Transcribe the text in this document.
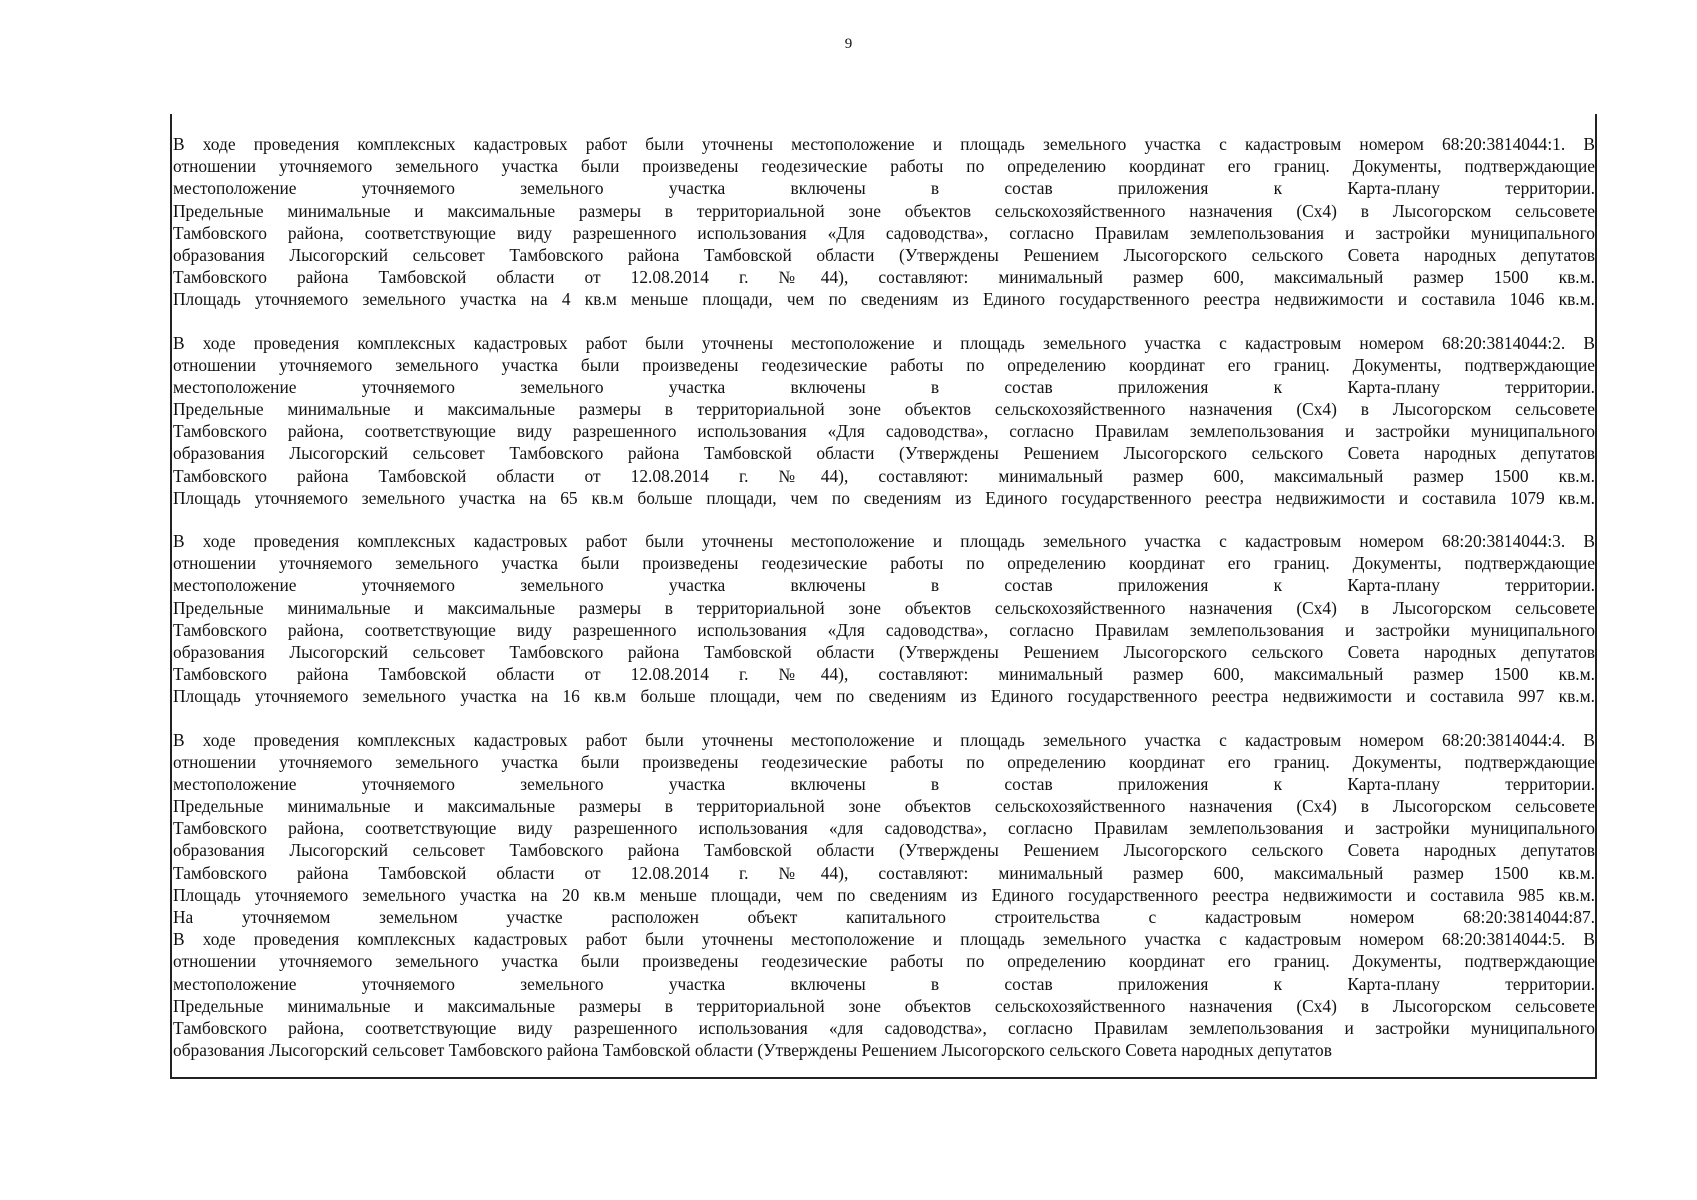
9
В ходе проведения комплексных кадастровых работ были уточнены местоположение и площадь земельного участка с кадастровым номером 68:20:3814044:1. В
отношении уточняемого земельного участка были произведены геодезические работы по определению координат его границ. Документы, подтверждающие
местоположение уточняемого земельного участка включены в состав приложения к Карта-плану территории.
Предельные минимальные и максимальные размеры в территориальной зоне объектов сельскохозяйственного назначения (Сх4) в Лысогорском сельсовете
Тамбовского района, соответствующие виду разрешенного использования «Для садоводства», согласно Правилам землепользования и застройки муниципального
образования Лысогорский сельсовет Тамбовского района Тамбовской области (Утверждены Решением Лысогорского сельского Совета народных депутатов
Тамбовского района Тамбовской области от 12.08.2014 г. №44), составляют: минимальный размер 600, максимальный размер 1500 кв.м.
Площадь уточняемого земельного участка на 4 кв.м меньше площади, чем по сведениям из Единого государственного реестра недвижимости и составила 1046 кв.м.
В ходе проведения комплексных кадастровых работ были уточнены местоположение и площадь земельного участка с кадастровым номером 68:20:3814044:2. В
отношении уточняемого земельного участка были произведены геодезические работы по определению координат его границ. Документы, подтверждающие
местоположение уточняемого земельного участка включены в состав приложения к Карта-плану территории.
Предельные минимальные и максимальные размеры в территориальной зоне объектов сельскохозяйственного назначения (Сх4) в Лысогорском сельсовете
Тамбовского района, соответствующие виду разрешенного использования «Для садоводства», согласно Правилам землепользования и застройки муниципального
образования Лысогорский сельсовет Тамбовского района Тамбовской области (Утверждены Решением Лысогорского сельского Совета народных депутатов
Тамбовского района Тамбовской области от 12.08.2014 г. №44), составляют: минимальный размер 600, максимальный размер 1500 кв.м.
Площадь уточняемого земельного участка на 65 кв.м больше площади, чем по сведениям из Единого государственного реестра недвижимости и составила 1079 кв.м.
В ходе проведения комплексных кадастровых работ были уточнены местоположение и площадь земельного участка с кадастровым номером 68:20:3814044:3. В
отношении уточняемого земельного участка были произведены геодезические работы по определению координат его границ. Документы, подтверждающие
местоположение уточняемого земельного участка включены в состав приложения к Карта-плану территории.
Предельные минимальные и максимальные размеры в территориальной зоне объектов сельскохозяйственного назначения (Сх4) в Лысогорском сельсовете
Тамбовского района, соответствующие виду разрешенного использования «Для садоводства», согласно Правилам землепользования и застройки муниципального
образования Лысогорский сельсовет Тамбовского района Тамбовской области (Утверждены Решением Лысогорского сельского Совета народных депутатов
Тамбовского района Тамбовской области от 12.08.2014 г. №44), составляют: минимальный размер 600, максимальный размер 1500 кв.м.
Площадь уточняемого земельного участка на 16 кв.м больше площади, чем по сведениям из Единого государственного реестра недвижимости и составила 997 кв.м.
В ходе проведения комплексных кадастровых работ были уточнены местоположение и площадь земельного участка с кадастровым номером 68:20:3814044:4. В
отношении уточняемого земельного участка были произведены геодезические работы по определению координат его границ. Документы, подтверждающие
местоположение уточняемого земельного участка включены в состав приложения к Карта-плану территории.
Предельные минимальные и максимальные размеры в территориальной зоне объектов сельскохозяйственного назначения (Сх4) в Лысогорском сельсовете
Тамбовского района, соответствующие виду разрешенного использования «для садоводства», согласно Правилам землепользования и застройки муниципального
образования Лысогорский сельсовет Тамбовского района Тамбовской области (Утверждены Решением Лысогорского сельского Совета народных депутатов
Тамбовского района Тамбовской области от 12.08.2014 г. №44), составляют: минимальный размер 600, максимальный размер 1500 кв.м.
Площадь уточняемого земельного участка на 20 кв.м меньше площади, чем по сведениям из Единого государственного реестра недвижимости и составила 985 кв.м.
На уточняемом земельном участке расположен объект капитального строительства с кадастровым номером 68:20:3814044:87.
В ходе проведения комплексных кадастровых работ были уточнены местоположение и площадь земельного участка с кадастровым номером 68:20:3814044:5. В
отношении уточняемого земельного участка были произведены геодезические работы по определению координат его границ. Документы, подтверждающие
местоположение уточняемого земельного участка включены в состав приложения к Карта-плану территории.
Предельные минимальные и максимальные размеры в территориальной зоне объектов сельскохозяйственного назначения (Сх4) в Лысогорском сельсовете
Тамбовского района, соответствующие виду разрешенного использования «для садоводства», согласно Правилам землепользования и застройки муниципального
образования Лысогорский сельсовет Тамбовского района Тамбовской области (Утверждены Решением Лысогорского сельского Совета народных депутатов
